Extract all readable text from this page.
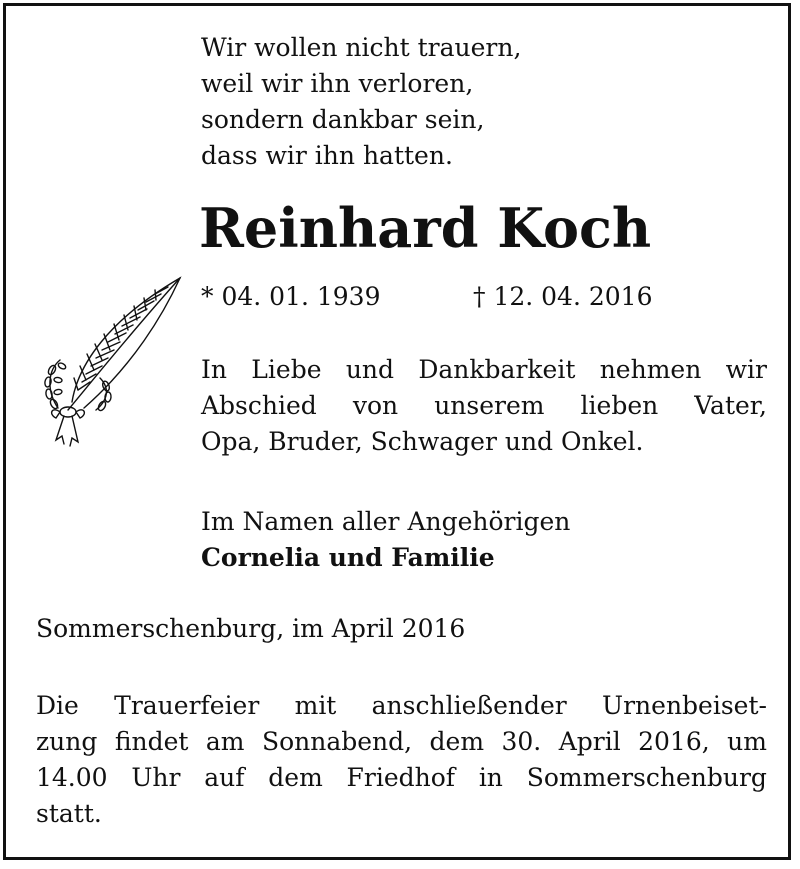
Wir wollen nicht trauern,
weil wir ihn verloren,
sondern dankbar sein,
dass wir ihn hatten.
Reinhard Koch
* 04. 01. 1939	† 12. 04. 2016
In Liebe und Dankbarkeit nehmen wir
Abschied von unserem lieben Vater,
Opa, Bruder, Schwager und Onkel.
Im Namen aller Angehörigen
Cornelia und Familie
Sommerschenburg, im April 2016
Die Trauerfeier mit anschließender Urnenbeiset-
zung findet am Sonnabend, dem 30. April 2016, um
14.00 Uhr auf dem Friedhof in Sommerschenburg
statt.
